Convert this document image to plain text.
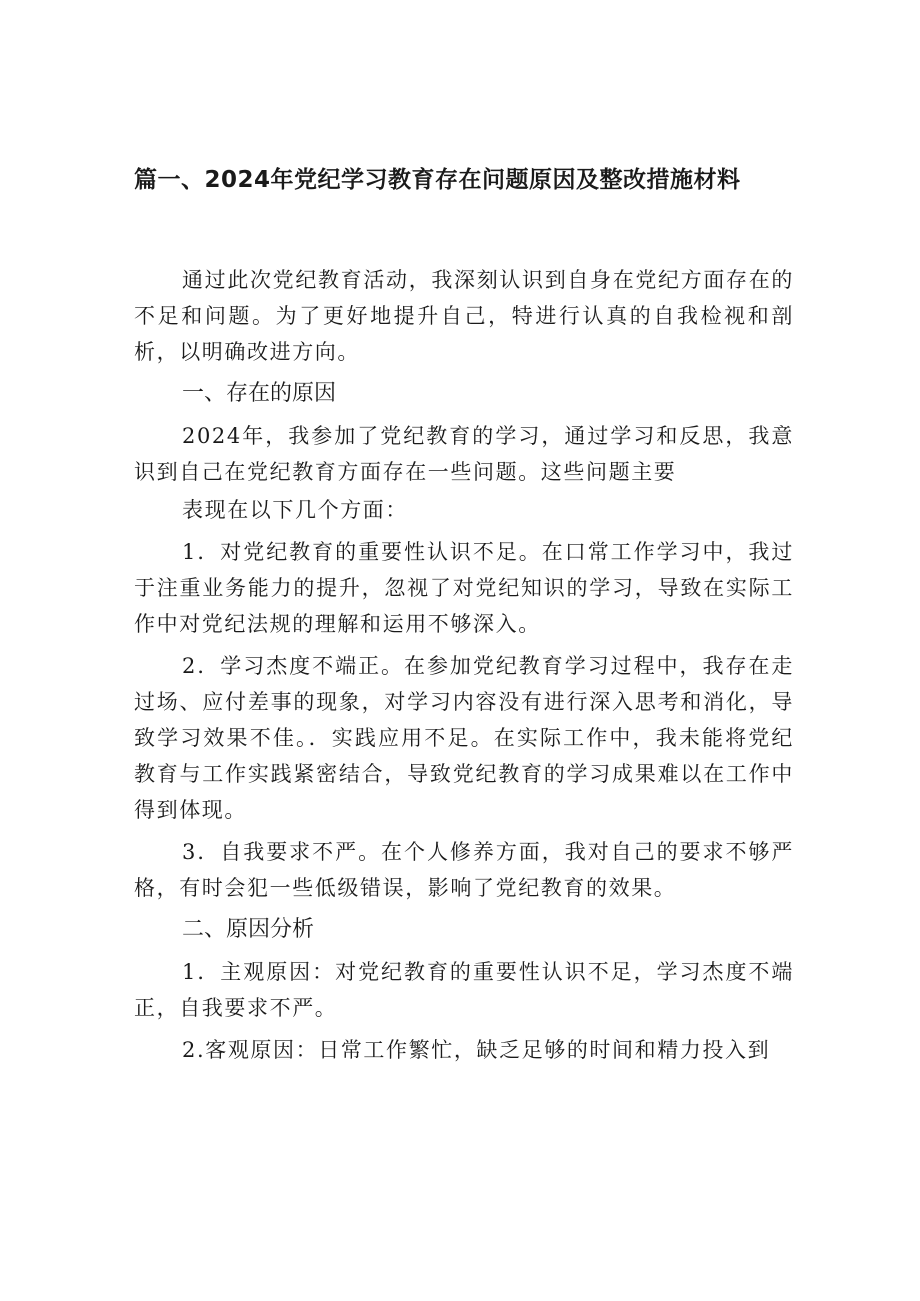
篇一、2024年党纪学习教育存在问题原因及整改措施材料

通过此次党纪教育活动，我深刻认识到自身在党纪方面存在的不足和问题。为了更好地提升自己，特进行认真的自我检视和剖析，以明确改进方向。

一、存在的原因

2024年，我参加了党纪教育的学习，通过学习和反思，我意识到自己在党纪教育方面存在一些问题。这些问题主要

表现在以下几个方面：

1．对党纪教育的重要性认识不足。在口常工作学习中，我过于注重业务能力的提升，忽视了对党纪知识的学习，导致在实际工作中对党纪法规的理解和运用不够深入。

2．学习杰度不端正。在参加党纪教育学习过程中，我存在走过场、应付差事的现象，对学习内容没有进行深入思考和消化，导致学习效果不佳。．实践应用不足。在实际工作中，我未能将党纪教育与工作实践紧密结合，导致党纪教育的学习成果难以在工作中得到体现。

3．自我要求不严。在个人修养方面，我对自己的要求不够严格，有时会犯一些低级错误，影响了党纪教育的效果。

二、原因分析

1．主观原因：对党纪教育的重要性认识不足，学习杰度不端正，自我要求不严。

2.客观原因：日常工作繁忙，缺乏足够的时间和精力投入到
